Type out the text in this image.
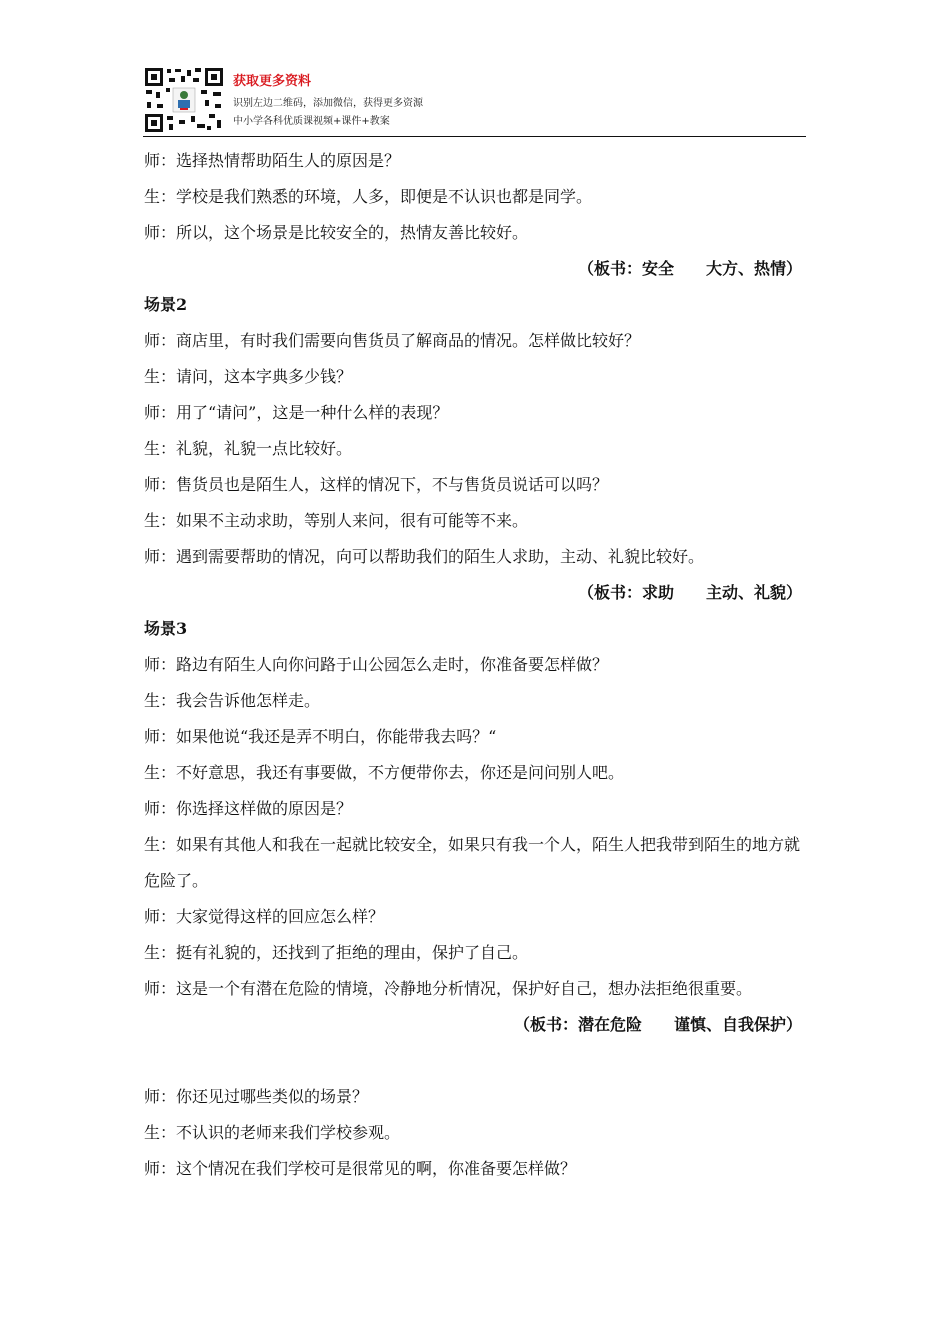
获取更多资料

识别左边二维码，添加微信，获得更多资源

中小学各科优质课视频+课件+教案

师：选择热情帮助陌生人的原因是？

生：学校是我们熟悉的环境，人多，即便是不认识也都是同学。

师：所以，这个场景是比较安全的，热情友善比较好。

（板书：安全　　大方、热情）

场景2

师：商店里，有时我们需要向售货员了解商品的情况。怎样做比较好？

生：请问，这本字典多少钱？

师：用了“请问”，这是一种什么样的表现？

生：礼貌，礼貌一点比较好。

师：售货员也是陌生人，这样的情况下，不与售货员说话可以吗？

生：如果不主动求助，等别人来问，很有可能等不来。

师：遇到需要帮助的情况，向可以帮助我们的陌生人求助，主动、礼貌比较好。

（板书：求助　　主动、礼貌）

场景3

师：路边有陌生人向你问路于山公园怎么走时，你准备要怎样做？

生：我会告诉他怎样走。

师：如果他说“我还是弄不明白，你能带我去吗？“

生：不好意思，我还有事要做，不方便带你去，你还是问问别人吧。

师：你选择这样做的原因是？

生：如果有其他人和我在一起就比较安全，如果只有我一个人，陌生人把我带到陌生的地方就危险了。

师：大家觉得这样的回应怎么样？

生：挺有礼貌的，还找到了拒绝的理由，保护了自己。

师：这是一个有潜在危险的情境，冷静地分析情况，保护好自己，想办法拒绝很重要。

（板书：潜在危险　　谨慎、自我保护）

师：你还见过哪些类似的场景？

生：不认识的老师来我们学校参观。

师：这个情况在我们学校可是很常见的啊，你准备要怎样做？
